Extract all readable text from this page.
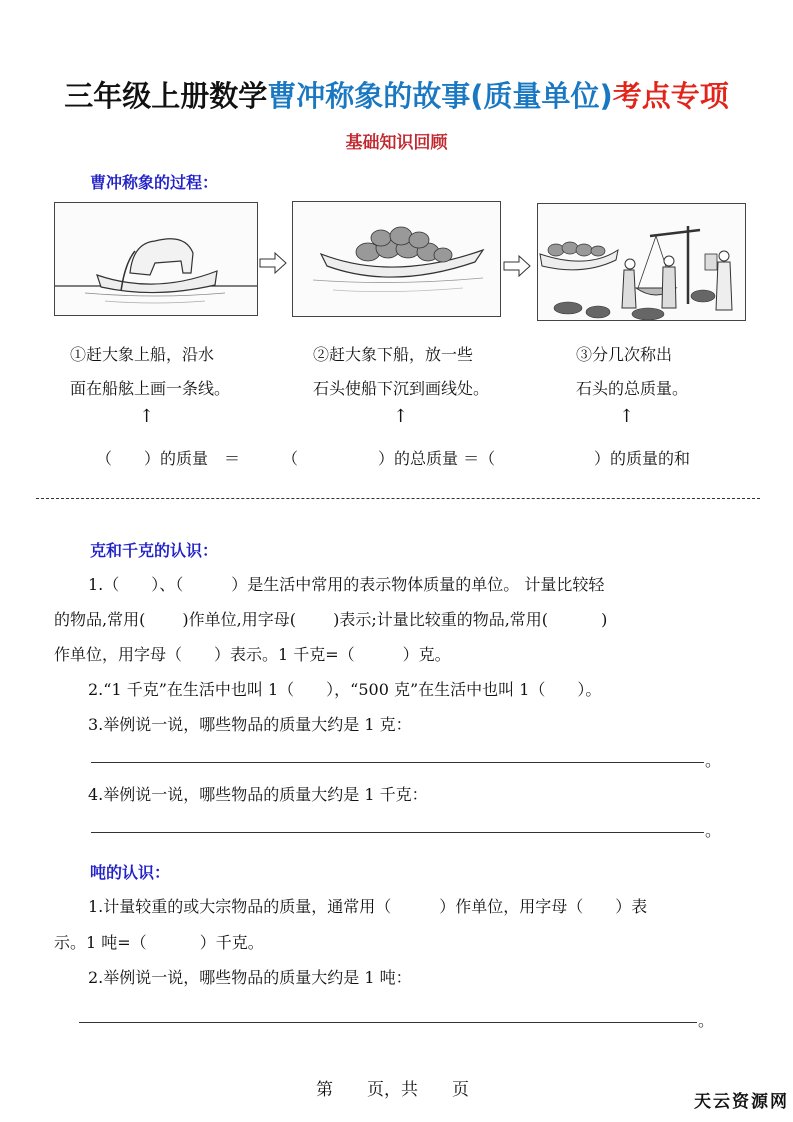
三年级上册数学曹冲称象的故事(质量单位)考点专项
基础知识回顾
曹冲称象的过程：
①赶大象上船，沿水
面在船舷上画一条线。
②赶大象下船，放一些
石头使船下沉到画线处。
③分几次称出
石头的总质量。
↑	↑	↑
（　　）的质量　＝	（　　　　　）的总质量 ＝（ 　　　　）的质量的和
克和千克的认识：
1.（　　）、（　　　）是生活中常用的表示物体质量的单位。 计量比较轻
的物品,常用(　　 )作单位,用字母(　　 )表示;计量比较重的物品,常用(　　　 )
作单位，用字母（　　）表示。1 千克=（　　　）克。
2.“1 千克”在生活中也叫 1（　　），“500 克”在生活中也叫 1（　　）。
3.举例说一说，哪些物品的质量大约是 1 克：
。
4.举例说一说，哪些物品的质量大约是 1 千克：
。
吨的认识：
1.计量较重的或大宗物品的质量，通常用（　　　）作单位，用字母（　　）表
示。1 吨=（　　　 ）千克。
2.举例说一说，哪些物品的质量大约是 1 吨：
。
第　　页，共　　页
天云资源网
